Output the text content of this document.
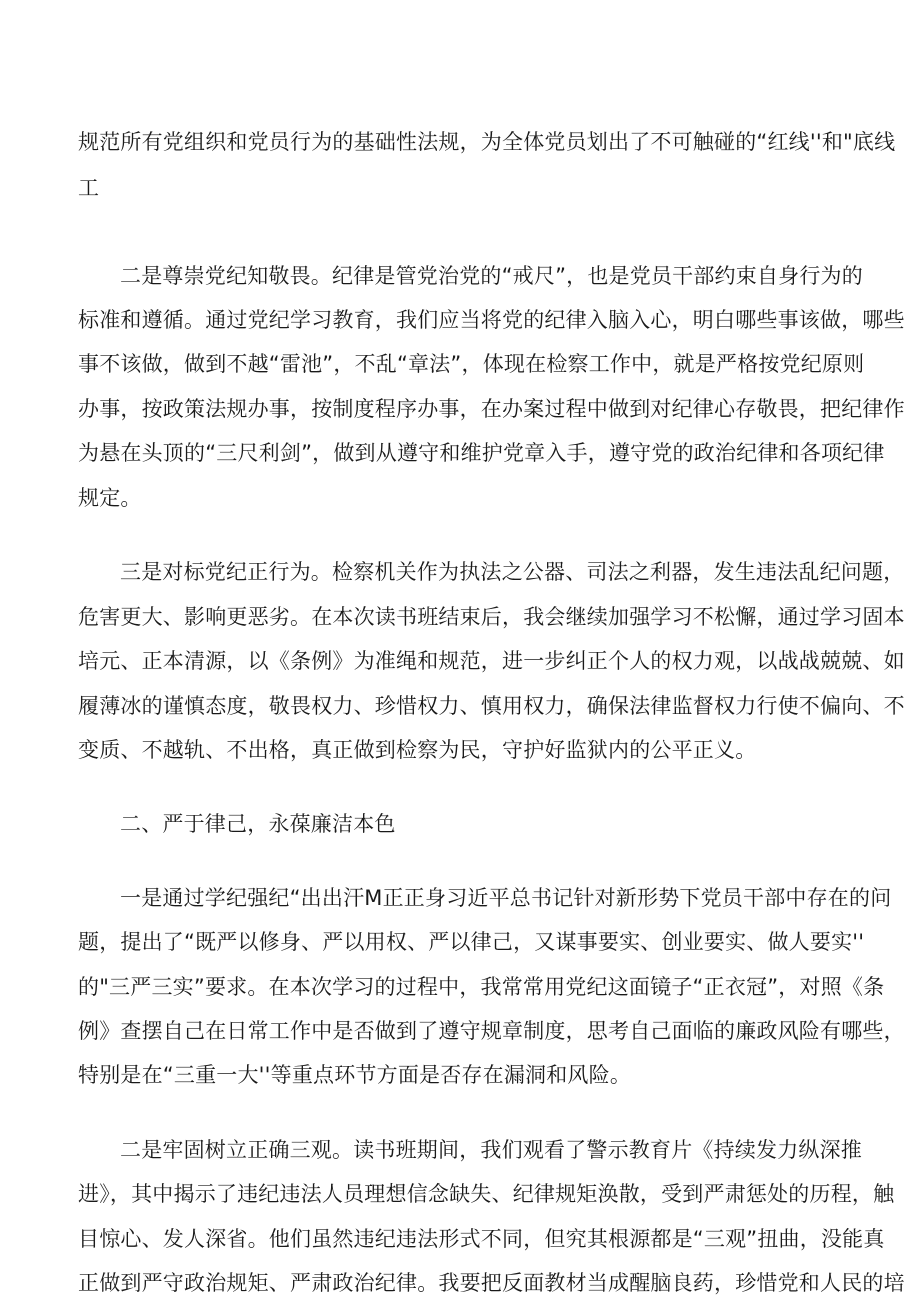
规范所有党组织和党员行为的基础性法规，为全体党员划出了不可触碰的“红线''和"底线
工
二是尊崇党纪知敬畏。纪律是管党治党的“戒尺”，也是党员干部约束自身行为的
标准和遵循。通过党纪学习教育，我们应当将党的纪律入脑入心，明白哪些事该做，哪些
事不该做，做到不越“雷池”，不乱“章法”，体现在检察工作中，就是严格按党纪原则
办事，按政策法规办事，按制度程序办事，在办案过程中做到对纪律心存敬畏，把纪律作
为悬在头顶的“三尺利剑”，做到从遵守和维护党章入手，遵守党的政治纪律和各项纪律
规定。
三是对标党纪正行为。检察机关作为执法之公器、司法之利器，发生违法乱纪问题，
危害更大、影响更恶劣。在本次读书班结束后，我会继续加强学习不松懈，通过学习固本
培元、正本清源，以《条例》为准绳和规范，进一步纠正个人的权力观，以战战兢兢、如
履薄冰的谨慎态度，敬畏权力、珍惜权力、慎用权力，确保法律监督权力行使不偏向、不
变质、不越轨、不出格，真正做到检察为民，守护好监狱内的公平正义。
二、严于律己，永葆廉洁本色
一是通过学纪强纪“出出汗M正正身习近平总书记针对新形势下党员干部中存在的问
题，提出了“既严以修身、严以用权、严以律己，又谋事要实、创业要实、做人要实''
的"三严三实”要求。在本次学习的过程中，我常常用党纪这面镜子“正衣冠”，对照《条
例》查摆自己在日常工作中是否做到了遵守规章制度，思考自己面临的廉政风险有哪些，
特别是在“三重一大''等重点环节方面是否存在漏洞和风险。
二是牢固树立正确三观。读书班期间，我们观看了警示教育片《持续发力纵深推
进》，其中揭示了违纪违法人员理想信念缺失、纪律规矩涣散，受到严肃惩处的历程，触
目惊心、发人深省。他们虽然违纪违法形式不同，但究其根源都是“三观”扭曲，没能真
正做到严守政治规矩、严肃政治纪律。我要把反面教材当成醒脑良药，珍惜党和人民的培
